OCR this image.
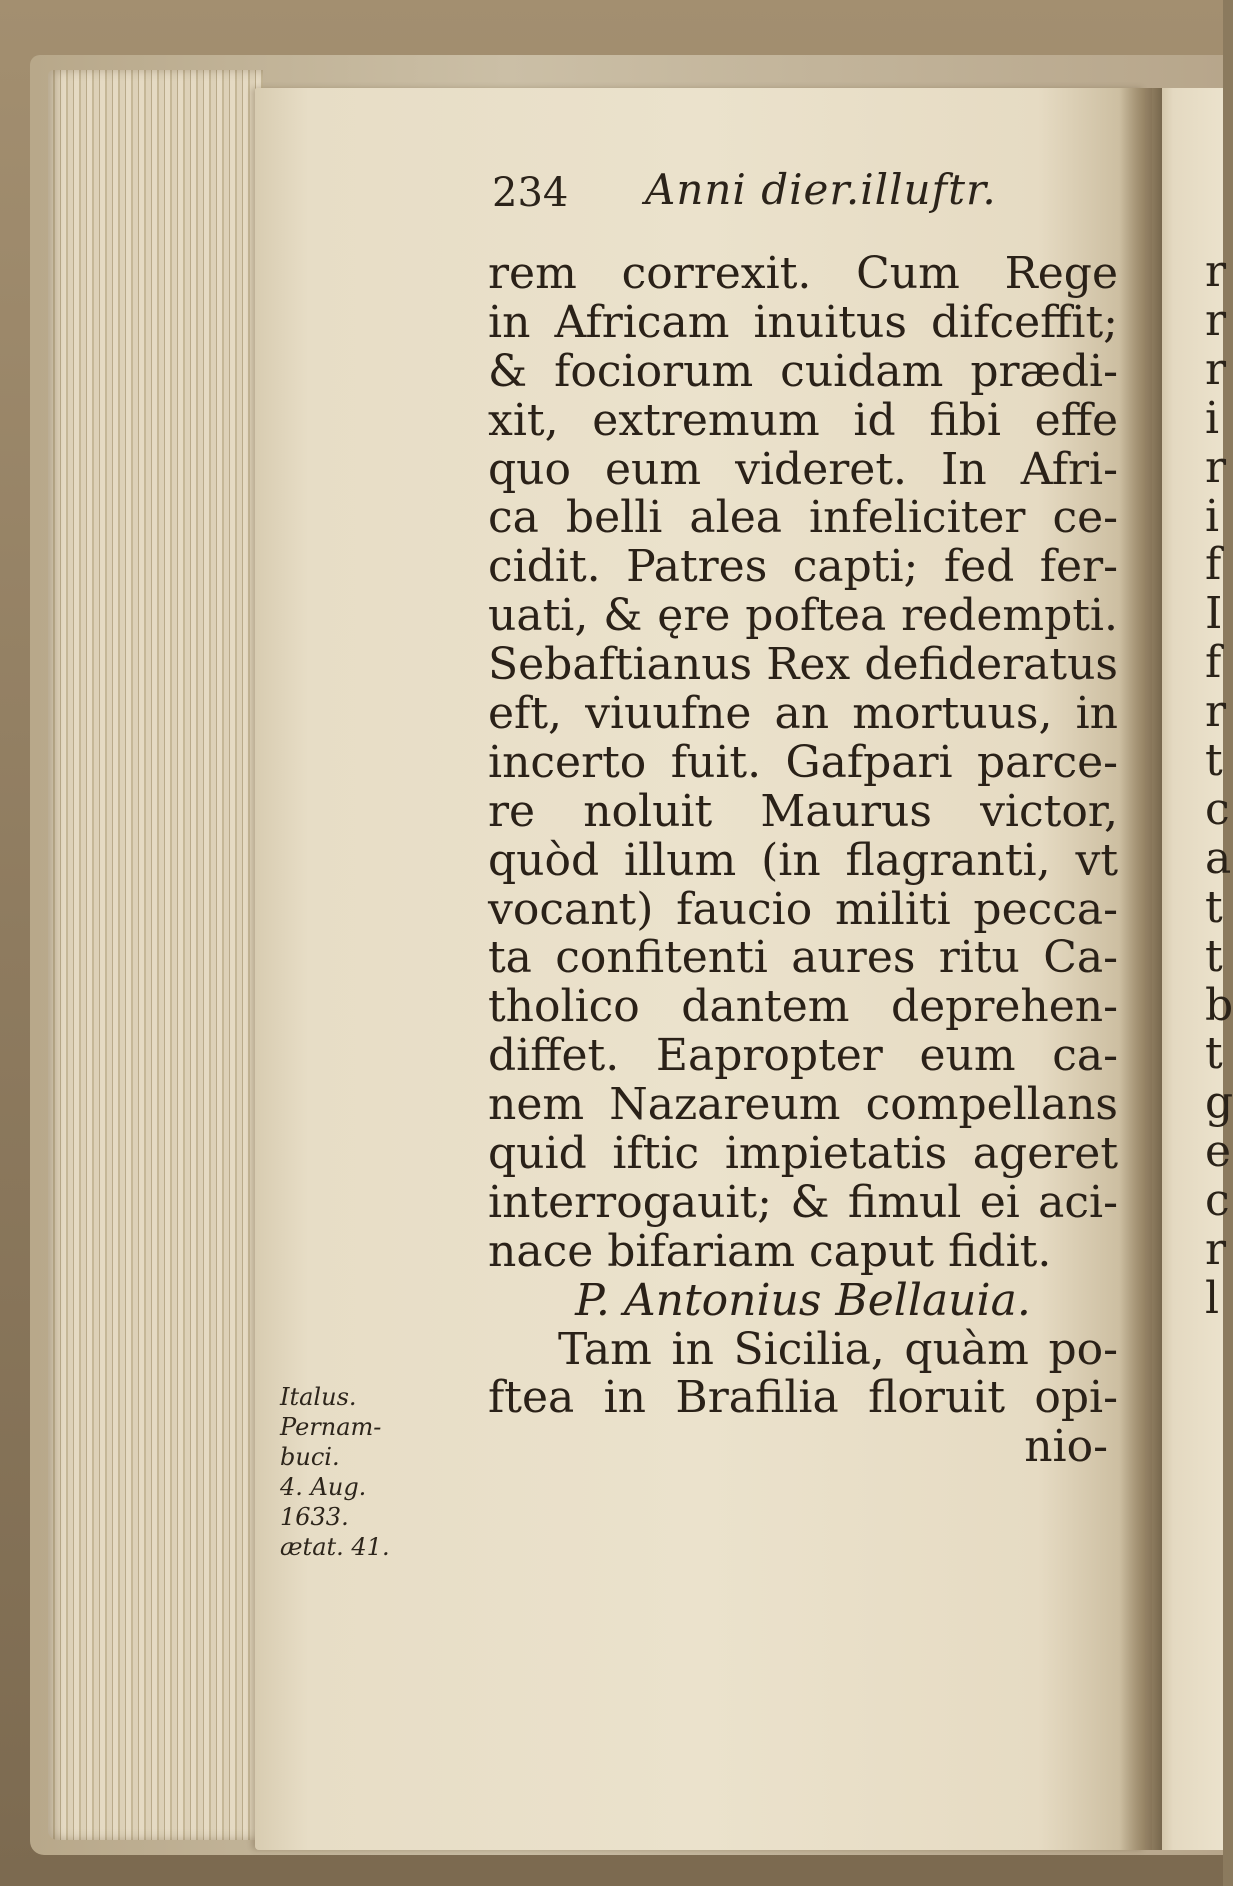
234 Anni dier.illuftr.
rem correxit. Cum Rege
in Africam inuitus difceffit;
& fociorum cuidam prædi-
xit, extremum id fibi effe
quo eum videret. In Afri-
ca belli alea infeliciter ce-
cidit. Patres capti; fed fer-
uati, & ęre poftea redempti.
Sebaftianus Rex defideratus
eft, viuufne an mortuus, in
incerto fuit. Gafpari parce-
re noluit Maurus victor,
quòd illum (in flagranti, vt
vocant) faucio militi pecca-
ta confitenti aures ritu Ca-
tholico dantem deprehen-
diffet. Eapropter eum ca-
nem Nazareum compellans
quid iftic impietatis ageret
interrogauit; & fimul ei aci-
nace bifariam caput fidit.
P. Antonius Bellauia.
Tam in Sicilia, quàm po-
ftea in Brafilia floruit opi-
nio-
Italus.
Pernam-
buci.
4. Aug.
1633.
ætat. 41.
r
r
r
i
r
i
f
I
f
r
t
c
a
t
t
b
t
g
e
c
r
l
